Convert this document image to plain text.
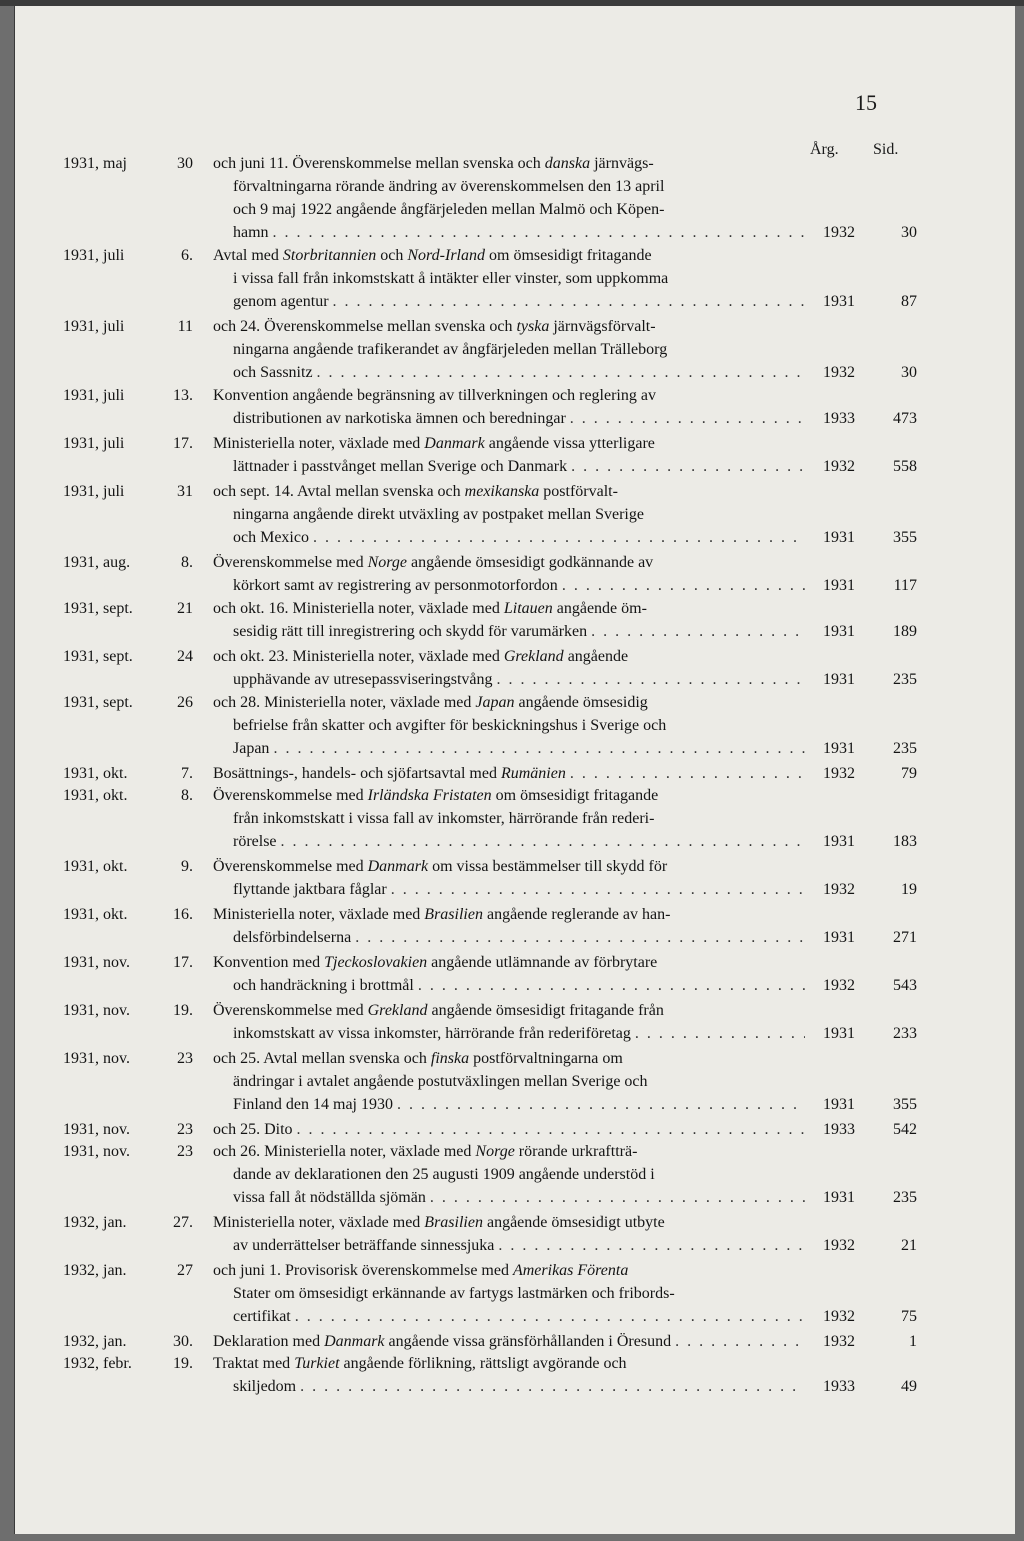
15
Årg. Sid.
1931, maj	30 och juni 11. Överenskommelse mellan svenska och danska järnvägs-
förvaltningarna rörande ändring av överenskommelsen den 13 april
och 9 maj 1922 angående ångfärjeleden mellan Malmö och Köpen-
hamn . . .	1932	30
1931, juli	6. Avtal med Storbritannien och Nord-Irland om ömsesidigt fritagande
i vissa fall från inkomstskatt å intäkter eller vinster, som uppkomma
genom agentur . . .	1931	87
1931, juli	11 och 24. Överenskommelse mellan svenska och tyska järnvägsförvalt-
ningarna angående trafikerandet av ångfärjeleden mellan Trälleborg
och Sassnitz . . .	1932	30
1931, juli	13. Konvention angående begränsning av tillverkningen och reglering av
distributionen av narkotiska ämnen och beredningar . . .	1933	473
1931, juli	17. Ministeriella noter, växlade med Danmark angående vissa ytterligare
lättnader i passtvånget mellan Sverige och Danmark . . .	1932	558
1931, juli	31 och sept. 14. Avtal mellan svenska och mexikanska postförvalt-
ningarna angående direkt utväxling av postpaket mellan Sverige
och Mexico . . .	1931	355
1931, aug.	8. Överenskommelse med Norge angående ömsesidigt godkännande av
körkort samt av registrering av personmotorfordon . . .	1931	117
1931, sept.	21 och okt. 16. Ministeriella noter, växlade med Litauen angående öm-
sesidig rätt till inregistrering och skydd för varumärken . . .	1931	189
1931, sept.	24 och okt. 23. Ministeriella noter, växlade med Grekland angående
upphävande av utresepassviseringstvång . . .	1931	235
1931, sept.	26 och 28. Ministeriella noter, växlade med Japan angående ömsesidig
befrielse från skatter och avgifter för beskickningshus i Sverige och
Japan . . .	1931	235
1931, okt.	7. Bosättnings-, handels- och sjöfartsavtal med Rumänien . . .	1932	79
1931, okt.	8. Överenskommelse med Irländska Fristaten om ömsesidigt fritagande
från inkomstskatt i vissa fall av inkomster, härrörande från rederi-
rörelse . . .	1931	183
1931, okt.	9. Överenskommelse med Danmark om vissa bestämmelser till skydd för
flyttande jaktbara fåglar . . .	1932	19
1931, okt.	16. Ministeriella noter, växlade med Brasilien angående reglerande av han-
delsförbindelserna . . .	1931	271
1931, nov.	17. Konvention med Tjeckoslovakien angående utlämnande av förbrytare
och handräckning i brottmål . . .	1932	543
1931, nov.	19. Överenskommelse med Grekland angående ömsesidigt fritagande från
inkomstskatt av vissa inkomster, härrörande från rederiföretag . . .	1931	233
1931, nov.	23 och 25. Avtal mellan svenska och finska postförvaltningarna om
ändringar i avtalet angående postutväxlingen mellan Sverige och
Finland den 14 maj 1930 . . .	1931	355
1931, nov.	23 och 25. Dito . . .	1933	542
1931, nov.	23 och 26. Ministeriella noter, växlade med Norge rörande urkraftträ-
dande av deklarationen den 25 augusti 1909 angående understöd i
vissa fall åt nödställda sjömän . . .	1931	235
1932, jan.	27. Ministeriella noter, växlade med Brasilien angående ömsesidigt utbyte
av underrättelser beträffande sinnessjuka . . .	1932	21
1932, jan.	27 och juni 1. Provisorisk överenskommelse med Amerikas Förenta
Stater om ömsesidigt erkännande av fartygs lastmärken och fribords-
certifikat . . .	1932	75
1932, jan.	30. Deklaration med Danmark angående vissa gränsförhållanden i Öresund . . .	1932	1
1932, febr.	19. Traktat med Turkiet angående förlikning, rättsligt avgörande och
skiljedom . . .	1933	49
